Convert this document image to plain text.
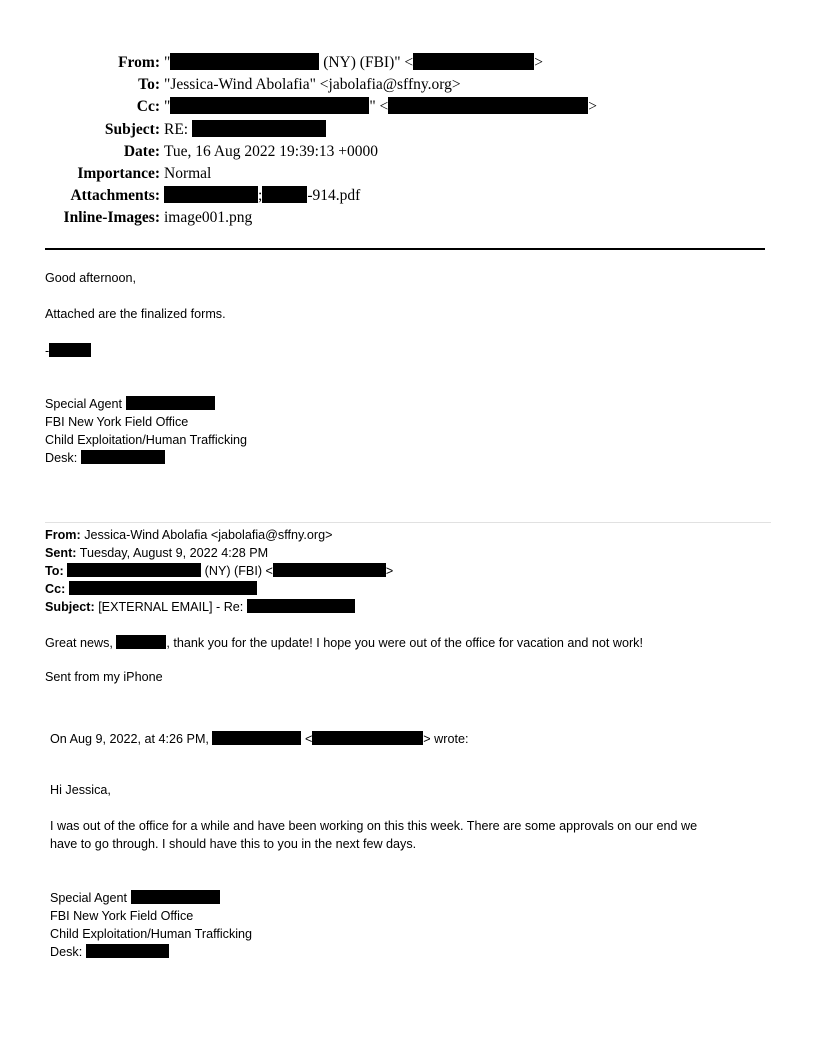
From: "	(NY) (FBI)" <	>
To: "Jessica-Wind Abolafia" <jabolafia@sffny.org>
Cc: "	" <	>
Subject: RE:
Date: Tue, 16 Aug 2022 19:39:13 +0000
Importance: Normal
Attachments:	;	-914.pdf
Inline-Images: image001.png
Good afternoon,
Attached are the finalized forms.
-
Special Agent
FBI New York Field Office
Child Exploitation/Human Trafficking
Desk:
From: Jessica-Wind Abolafia <jabolafia@sffny.org>
Sent: Tuesday, August 9, 2022 4:28 PM
To:	(NY) (FBI) <	>
Cc:
Subject: [EXTERNAL EMAIL] - Re:
Great news,	, thank you for the update! I hope you were out of the office for vacation and not work!
Sent from my iPhone
On Aug 9, 2022, at 4:26 PM,	<	> wrote:
Hi Jessica,
I was out of the office for a while and have been working on this this week. There are some approvals on our end we
have to go through. I should have this to you in the next few days.
Special Agent
FBI New York Field Office
Child Exploitation/Human Trafficking
Desk:
